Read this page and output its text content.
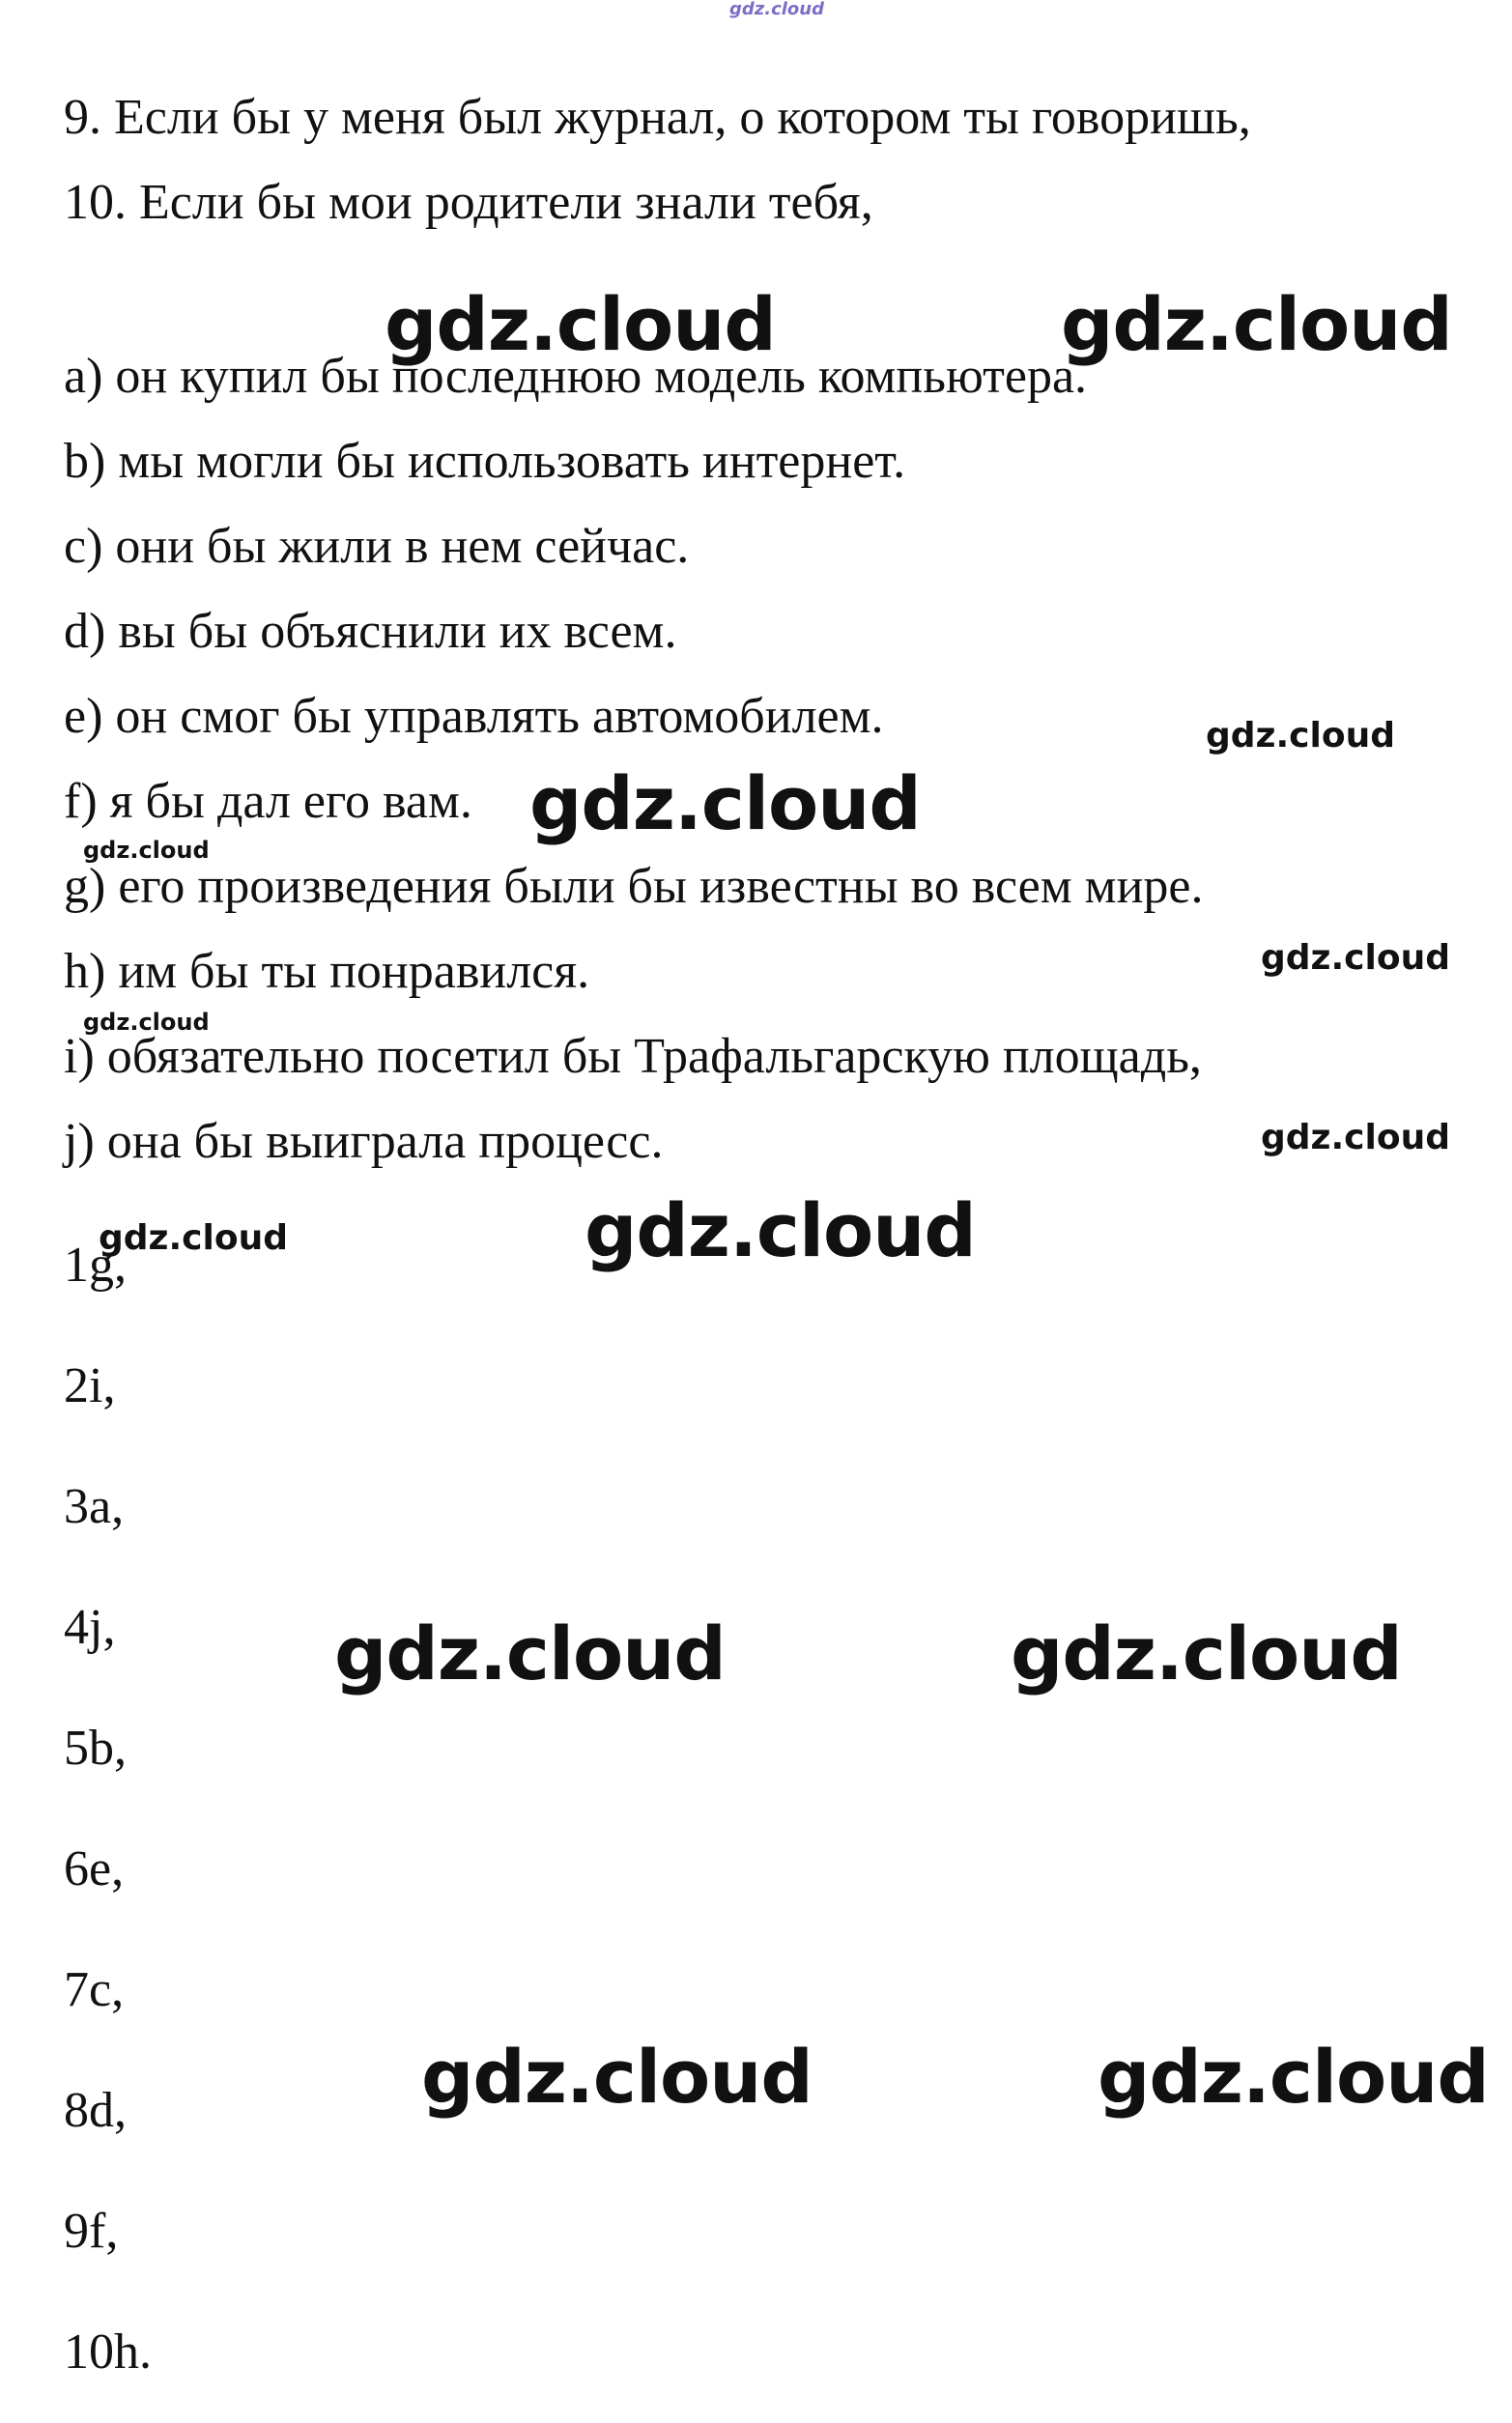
gdz.cloud
9. Если бы у меня был журнал, о котором ты говоришь,
10. Если бы мои родители знали тебя,
a) он купил бы последнюю модель компьютера.
b) мы могли бы использовать интернет.
c) они бы жили в нем сейчас.
d) вы бы объяснили их всем.
e) он смог бы управлять автомобилем.
f) я бы дал его вам.
g) его произведения были бы известны во всем мире.
h) им бы ты понравился.
i) обязательно посетил бы Трафальгарскую площадь,
j) она бы выиграла процесс.
1g,
2i,
3a,
4j,
5b,
6e,
7c,
8d,
9f,
10h.
gdz.cloud	gdz.cloud
gdz.cloud
gdz.cloud
gdz.cloud
gdz.cloud
gdz.cloud
gdz.cloud
gdz.cloud
gdz.cloud
gdz.cloud	gdz.cloud
gdz.cloud	gdz.cloud
